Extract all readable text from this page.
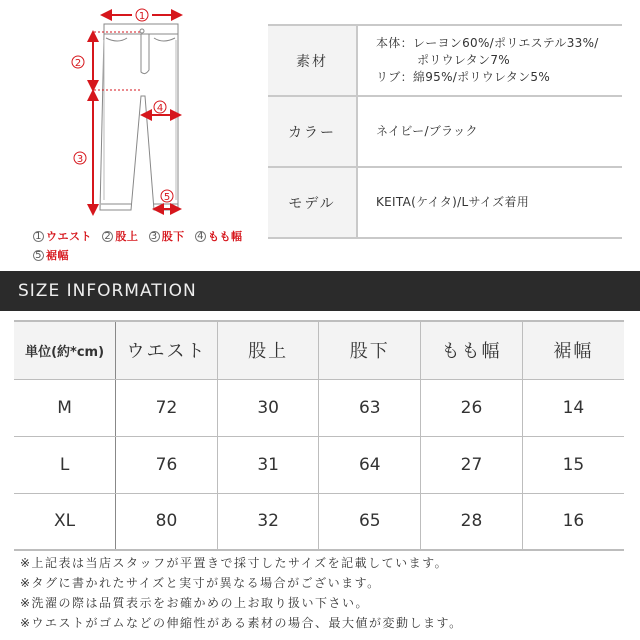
1
2
3
4
5
1 ウエスト 2 股上 3 股下 4 もも幅
5 裾幅
素材	本体：レーヨン60%/ポリエステル33%/
ポリウレタン7%
リブ：綿95%/ポリウレタン5%

カラー	ネイビー/ブラック

モデル	KEITA(ケイタ)/Lサイズ着用
SIZE INFORMATION
単位(約*cm)	ウエスト	股上	股下	もも幅	裾幅
M	72	30	63	26	14
L	76	31	64	27	15
XL	80	32	65	28	16
※上記表は当店スタッフが平置きで採寸したサイズを記載しています。
※タグに書かれたサイズと実寸が異なる場合がございます。
※洗濯の際は品質表示をお確かめの上お取り扱い下さい。
※ウエストがゴムなどの伸縮性がある素材の場合、最大値が変動します。
